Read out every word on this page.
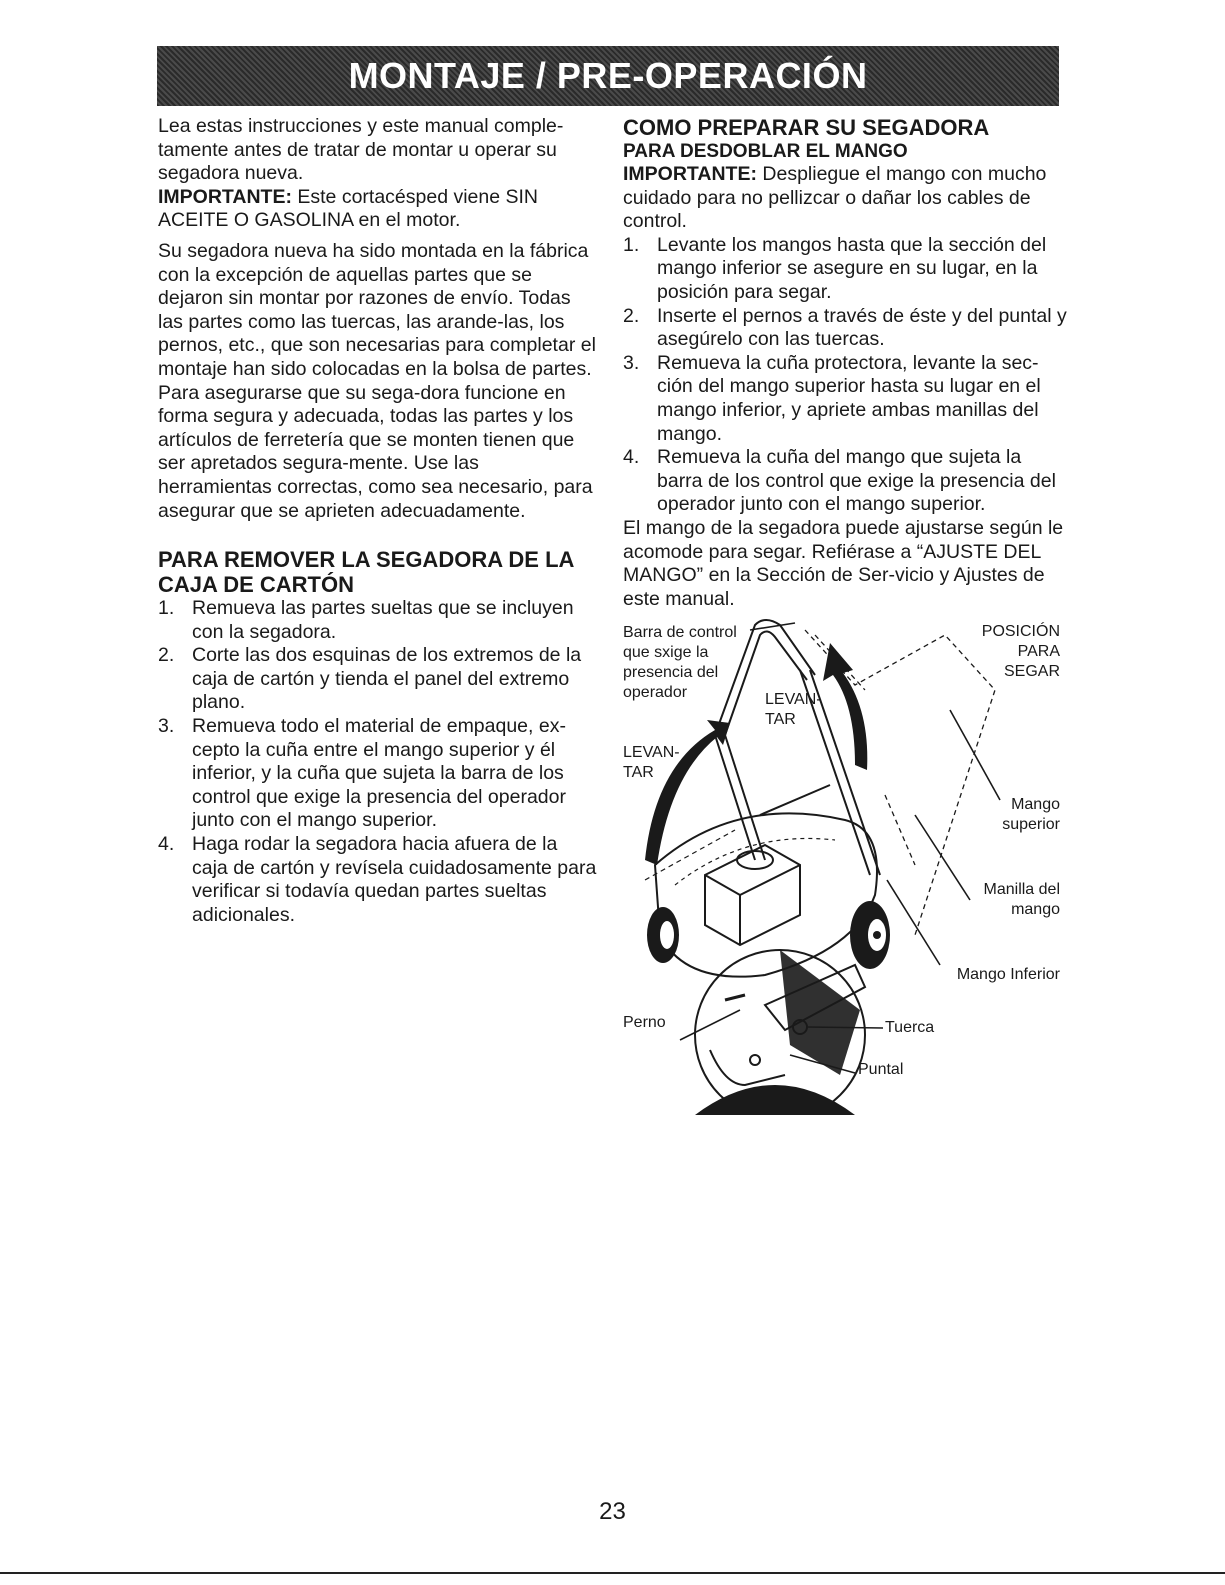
MONTAJE / PRE-OPERACIÓN

Lea estas instrucciones y este manual comple-tamente antes de tratar de montar u operar su segadora nueva.

IMPORTANTE: Este cortacésped viene SIN ACEITE O GASOLINA en el motor.

Su segadora nueva ha sido montada en la fábrica con la excepción de aquellas partes que se dejaron sin montar por razones de envío. Todas las partes como las tuercas, las arande-las, los pernos, etc., que son necesarias para completar el montaje han sido colocadas en la bolsa de partes. Para asegurarse que su sega-dora funcione en forma segura y adecuada, todas las partes y los artículos de ferretería que se monten tienen que ser apretados segura-mente. Use las herramientas correctas, como sea necesario, para asegurar que se aprieten adecuadamente.

PARA REMOVER LA SEGADORA DE LA CAJA DE CARTÓN
1. Remueva las partes sueltas que se incluyen con la segadora.
2. Corte las dos esquinas de los extremos de la caja de cartón y tienda el panel del extremo plano.
3. Remueva todo el material de empaque, ex-cepto la cuña entre el mango superior y él inferior, y la cuña que sujeta la barra de los control que exige la presencia del operador junto con el mango superior.
4. Haga rodar la segadora hacia afuera de la caja de cartón y revísela cuidadosamente para verificar si todavía quedan partes sueltas adicionales.
COMO PREPARAR SU SEGADORA
PARA DESDOBLAR EL MANGO

IMPORTANTE: Despliegue el mango con mucho cuidado para no pellizcar o dañar los cables de control.

1. Levante los mangos hasta que la sección del mango inferior se asegure en su lugar, en la posición para segar.
2. Inserte el pernos a través de éste y del puntal y asegúrelo con las tuercas.
3. Remueva la cuña protectora, levante la sec-ción del mango superior hasta su lugar en el mango inferior, y apriete ambas manillas del mango.
4. Remueva la cuña del mango que sujeta la barra de los control que exige la presencia del operador junto con el mango superior.

El mango de la segadora puede ajustarse según le acomode para segar. Refiérase a “AJUSTE DEL MANGO” en la Sección de Ser-vicio y Ajustes de este manual.

Barra de control
que sxige la
presencia del
operador
POSICIÓN
PARA
SEGAR
LEVAN-
TAR
LEVAN-
TAR
Mango
superior
Manilla del
mango
Mango Inferior
Perno	Tuerca
Puntal
23
